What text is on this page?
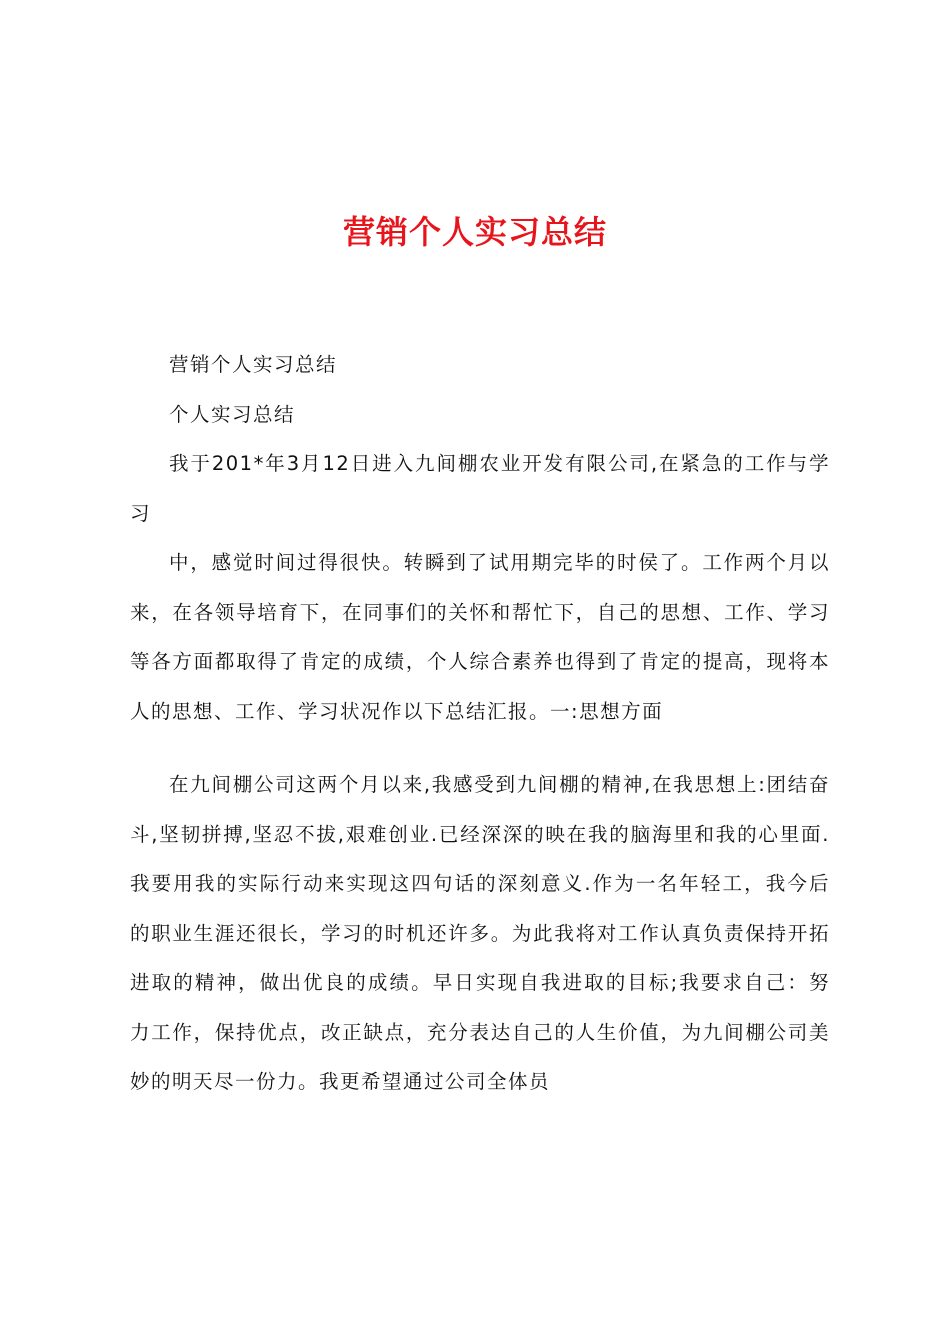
营销个人实习总结

营销个人实习总结

个人实习总结

我于201*年3月12日进入九间棚农业开发有限公司,在紧急的工作与学习

中，感觉时间过得很快。转瞬到了试用期完毕的时侯了。工作两个月以来，在各领导培育下，在同事们的关怀和帮忙下，自己的思想、工作、学习等各方面都取得了肯定的成绩，个人综合素养也得到了肯定的提高，现将本人的思想、工作、学习状况作以下总结汇报。一:思想方面

在九间棚公司这两个月以来,我感受到九间棚的精神,在我思想上:团结奋斗,坚韧拼搏,坚忍不拔,艰难创业.已经深深的映在我的脑海里和我的心里面.我要用我的实际行动来实现这四句话的深刻意义.作为一名年轻工，我今后的职业生涯还很长，学习的时机还许多。为此我将对工作认真负责保持开拓进取的精神，做出优良的成绩。早日实现自我进取的目标;我要求自己：努力工作，保持优点，改正缺点，充分表达自己的人生价值，为九间棚公司美妙的明天尽一份力。我更希望通过公司全体员
